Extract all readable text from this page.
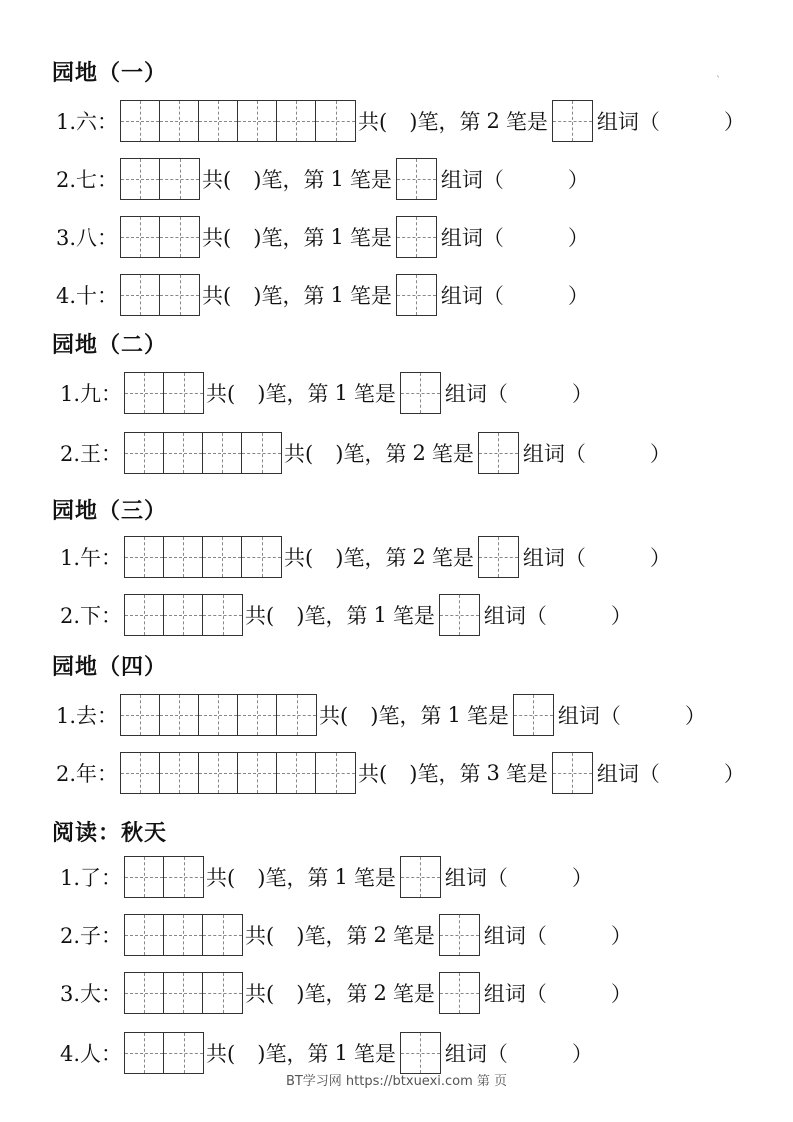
园地（一）
1.六：	共( )笔，第 2 笔是 组词（	）
2.七：	共( )笔，第 1 笔是 组词（	）
3.八：	共( )笔，第 1 笔是 组词（	）
4.十：	共( )笔，第 1 笔是 组词（	）
园地（二）
1.九：	共( )笔，第 1 笔是 组词（	）
2.王：	共( )笔，第 2 笔是 组词（	）
园地（三）
1.午：	共( )笔，第 2 笔是 组词（	）
2.下：	共( )笔，第 1 笔是 组词（	）
园地（四）
1.去：	共( )笔，第 1 笔是 组词（	）
2.年：	共( )笔，第 3 笔是 组词（	）
阅读：秋天
1.了：	共( )笔，第 1 笔是 组词（	）
2.子：	共( )笔，第 2 笔是 组词（	）
3.大：	共( )笔，第 2 笔是 组词（	）
4.人：	共( )笔，第 1 笔是 组词（	）
`
BT学习网 https://btxuexi.com 第 页
